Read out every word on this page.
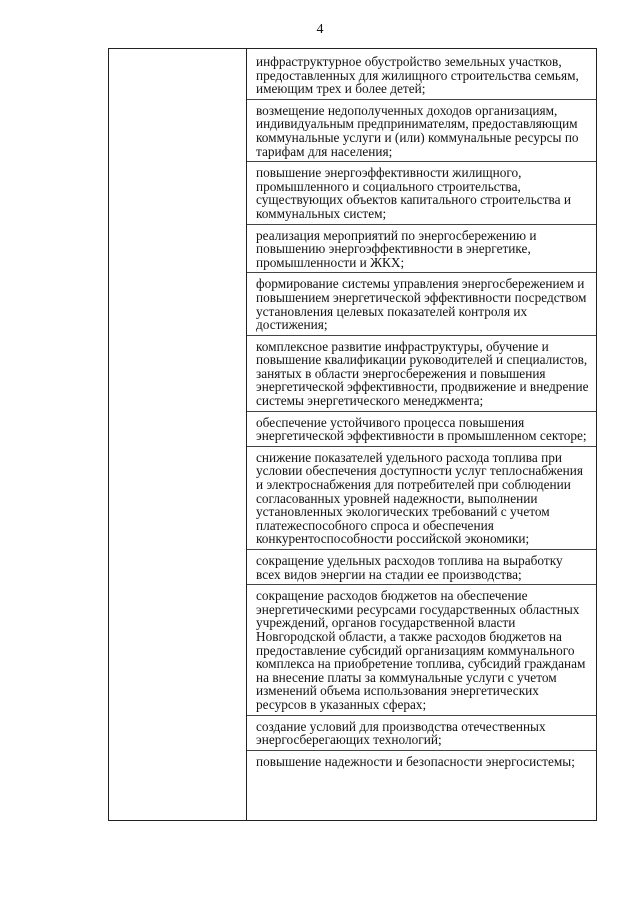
4
инфраструктурное обустройство земельных участков, предоставленных для жилищного строительства семьям, имеющим трех и более детей;
возмещение недополученных доходов организациям, индивидуальным предпринимателям, предоставляющим коммунальные услуги и (или) коммунальные ресурсы по тарифам для населения;
повышение энергоэффективности жилищного, промышленного и социального строительства, существующих объектов капитального строительства и коммунальных систем;
реализация мероприятий по энергосбережению и повышению энергоэффективности в энергетике, промышленности и ЖКХ;
формирование системы управления энергосбережением и повышением энергетической эффективности посредством установления целевых показателей контроля их достижения;
комплексное развитие инфраструктуры, обучение и повышение квалификации руководителей и специалистов, занятых в области энергосбережения и повышения энергетической эффективности, продвижение и внедрение системы энергетического менеджмента;
обеспечение устойчивого процесса повышения энергетической эффективности в промышленном секторе;
снижение показателей удельного расхода топлива при условии обеспечения доступности услуг теплоснабжения и электроснабжения для потребителей при соблюдении согласованных уровней надежности, выполнении установленных экологических требований с учетом платежеспособного спроса и обеспечения конкурентоспособности российской экономики;
сокращение удельных расходов топлива на выработку всех видов энергии на стадии ее производства;
сокращение расходов бюджетов на обеспечение энергетическими ресурсами государственных областных учреждений, органов государственной власти Новгородской области, а также расходов бюджетов на предоставление субсидий организациям коммунального комплекса на приобретение топлива, субсидий гражданам на внесение платы за коммунальные услуги с учетом изменений объема использования энергетических ресурсов в указанных сферах;
создание условий для производства отечественных энергосберегающих технологий;
повышение надежности и безопасности энергосистемы;
